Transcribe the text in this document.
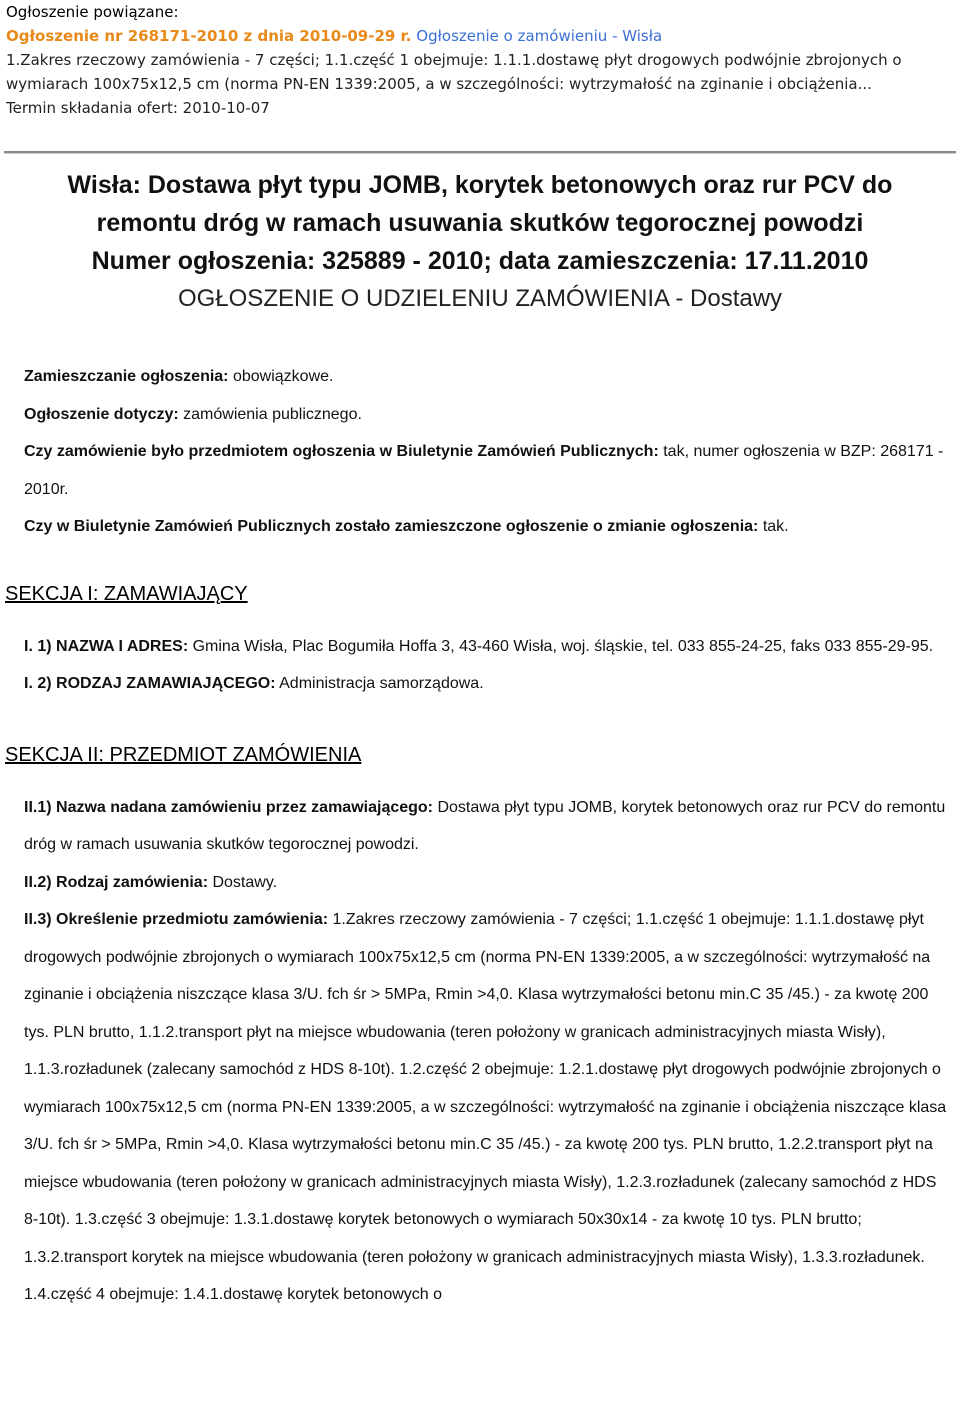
Ogłoszenie powiązane:
Ogłoszenie nr 268171-2010 z dnia 2010-09-29 r. Ogłoszenie o zamówieniu - Wisła
1.Zakres rzeczowy zamówienia - 7 części; 1.1.część 1 obejmuje: 1.1.1.dostawę płyt drogowych podwójnie zbrojonych o wymiarach 100x75x12,5 cm (norma PN-EN 1339:2005, a w szczególności: wytrzymałość na zginanie i obciążenia...
Termin składania ofert: 2010-10-07
Wisła: Dostawa płyt typu JOMB, korytek betonowych oraz rur PCV do
remontu dróg w ramach usuwania skutków tegorocznej powodzi
Numer ogłoszenia: 325889 - 2010; data zamieszczenia: 17.11.2010
OGŁOSZENIE O UDZIELENIU ZAMÓWIENIA - Dostawy

Zamieszczanie ogłoszenia: obowiązkowe.

Ogłoszenie dotyczy: zamówienia publicznego.

Czy zamówienie było przedmiotem ogłoszenia w Biuletynie Zamówień Publicznych: tak, numer ogłoszenia w BZP: 268171 - 2010r.

Czy w Biuletynie Zamówień Publicznych zostało zamieszczone ogłoszenie o zmianie ogłoszenia: tak.

SEKCJA I: ZAMAWIAJĄCY

I. 1) NAZWA I ADRES: Gmina Wisła, Plac Bogumiła Hoffa 3, 43-460 Wisła, woj. śląskie, tel. 033 855-24-25, faks 033 855-29-95.

I. 2) RODZAJ ZAMAWIAJĄCEGO: Administracja samorządowa.

SEKCJA II: PRZEDMIOT ZAMÓWIENIA

II.1) Nazwa nadana zamówieniu przez zamawiającego: Dostawa płyt typu JOMB, korytek betonowych oraz rur PCV do remontu dróg w ramach usuwania skutków tegorocznej powodzi.

II.2) Rodzaj zamówienia: Dostawy.

II.3) Określenie przedmiotu zamówienia: 1.Zakres rzeczowy zamówienia - 7 części; 1.1.część 1 obejmuje: 1.1.1.dostawę płyt drogowych podwójnie zbrojonych o wymiarach 100x75x12,5 cm (norma PN-EN 1339:2005, a w szczególności: wytrzymałość na zginanie i obciążenia niszczące klasa 3/U. fch śr > 5MPa, Rmin >4,0. Klasa wytrzymałości betonu min.C 35 /45.) - za kwotę 200 tys. PLN brutto, 1.1.2.transport płyt na miejsce wbudowania (teren położony w granicach administracyjnych miasta Wisły), 1.1.3.rozładunek (zalecany samochód z HDS 8-10t). 1.2.część 2 obejmuje: 1.2.1.dostawę płyt drogowych podwójnie zbrojonych o wymiarach 100x75x12,5 cm (norma PN-EN 1339:2005, a w szczególności: wytrzymałość na zginanie i obciążenia niszczące klasa 3/U. fch śr > 5MPa, Rmin >4,0. Klasa wytrzymałości betonu min.C 35 /45.) - za kwotę 200 tys. PLN brutto, 1.2.2.transport płyt na miejsce wbudowania (teren położony w granicach administracyjnych miasta Wisły), 1.2.3.rozładunek (zalecany samochód z HDS 8-10t). 1.3.część 3 obejmuje: 1.3.1.dostawę korytek betonowych o wymiarach 50x30x14 - za kwotę 10 tys. PLN brutto; 1.3.2.transport korytek na miejsce wbudowania (teren położony w granicach administracyjnych miasta Wisły), 1.3.3.rozładunek. 1.4.część 4 obejmuje: 1.4.1.dostawę korytek betonowych o
